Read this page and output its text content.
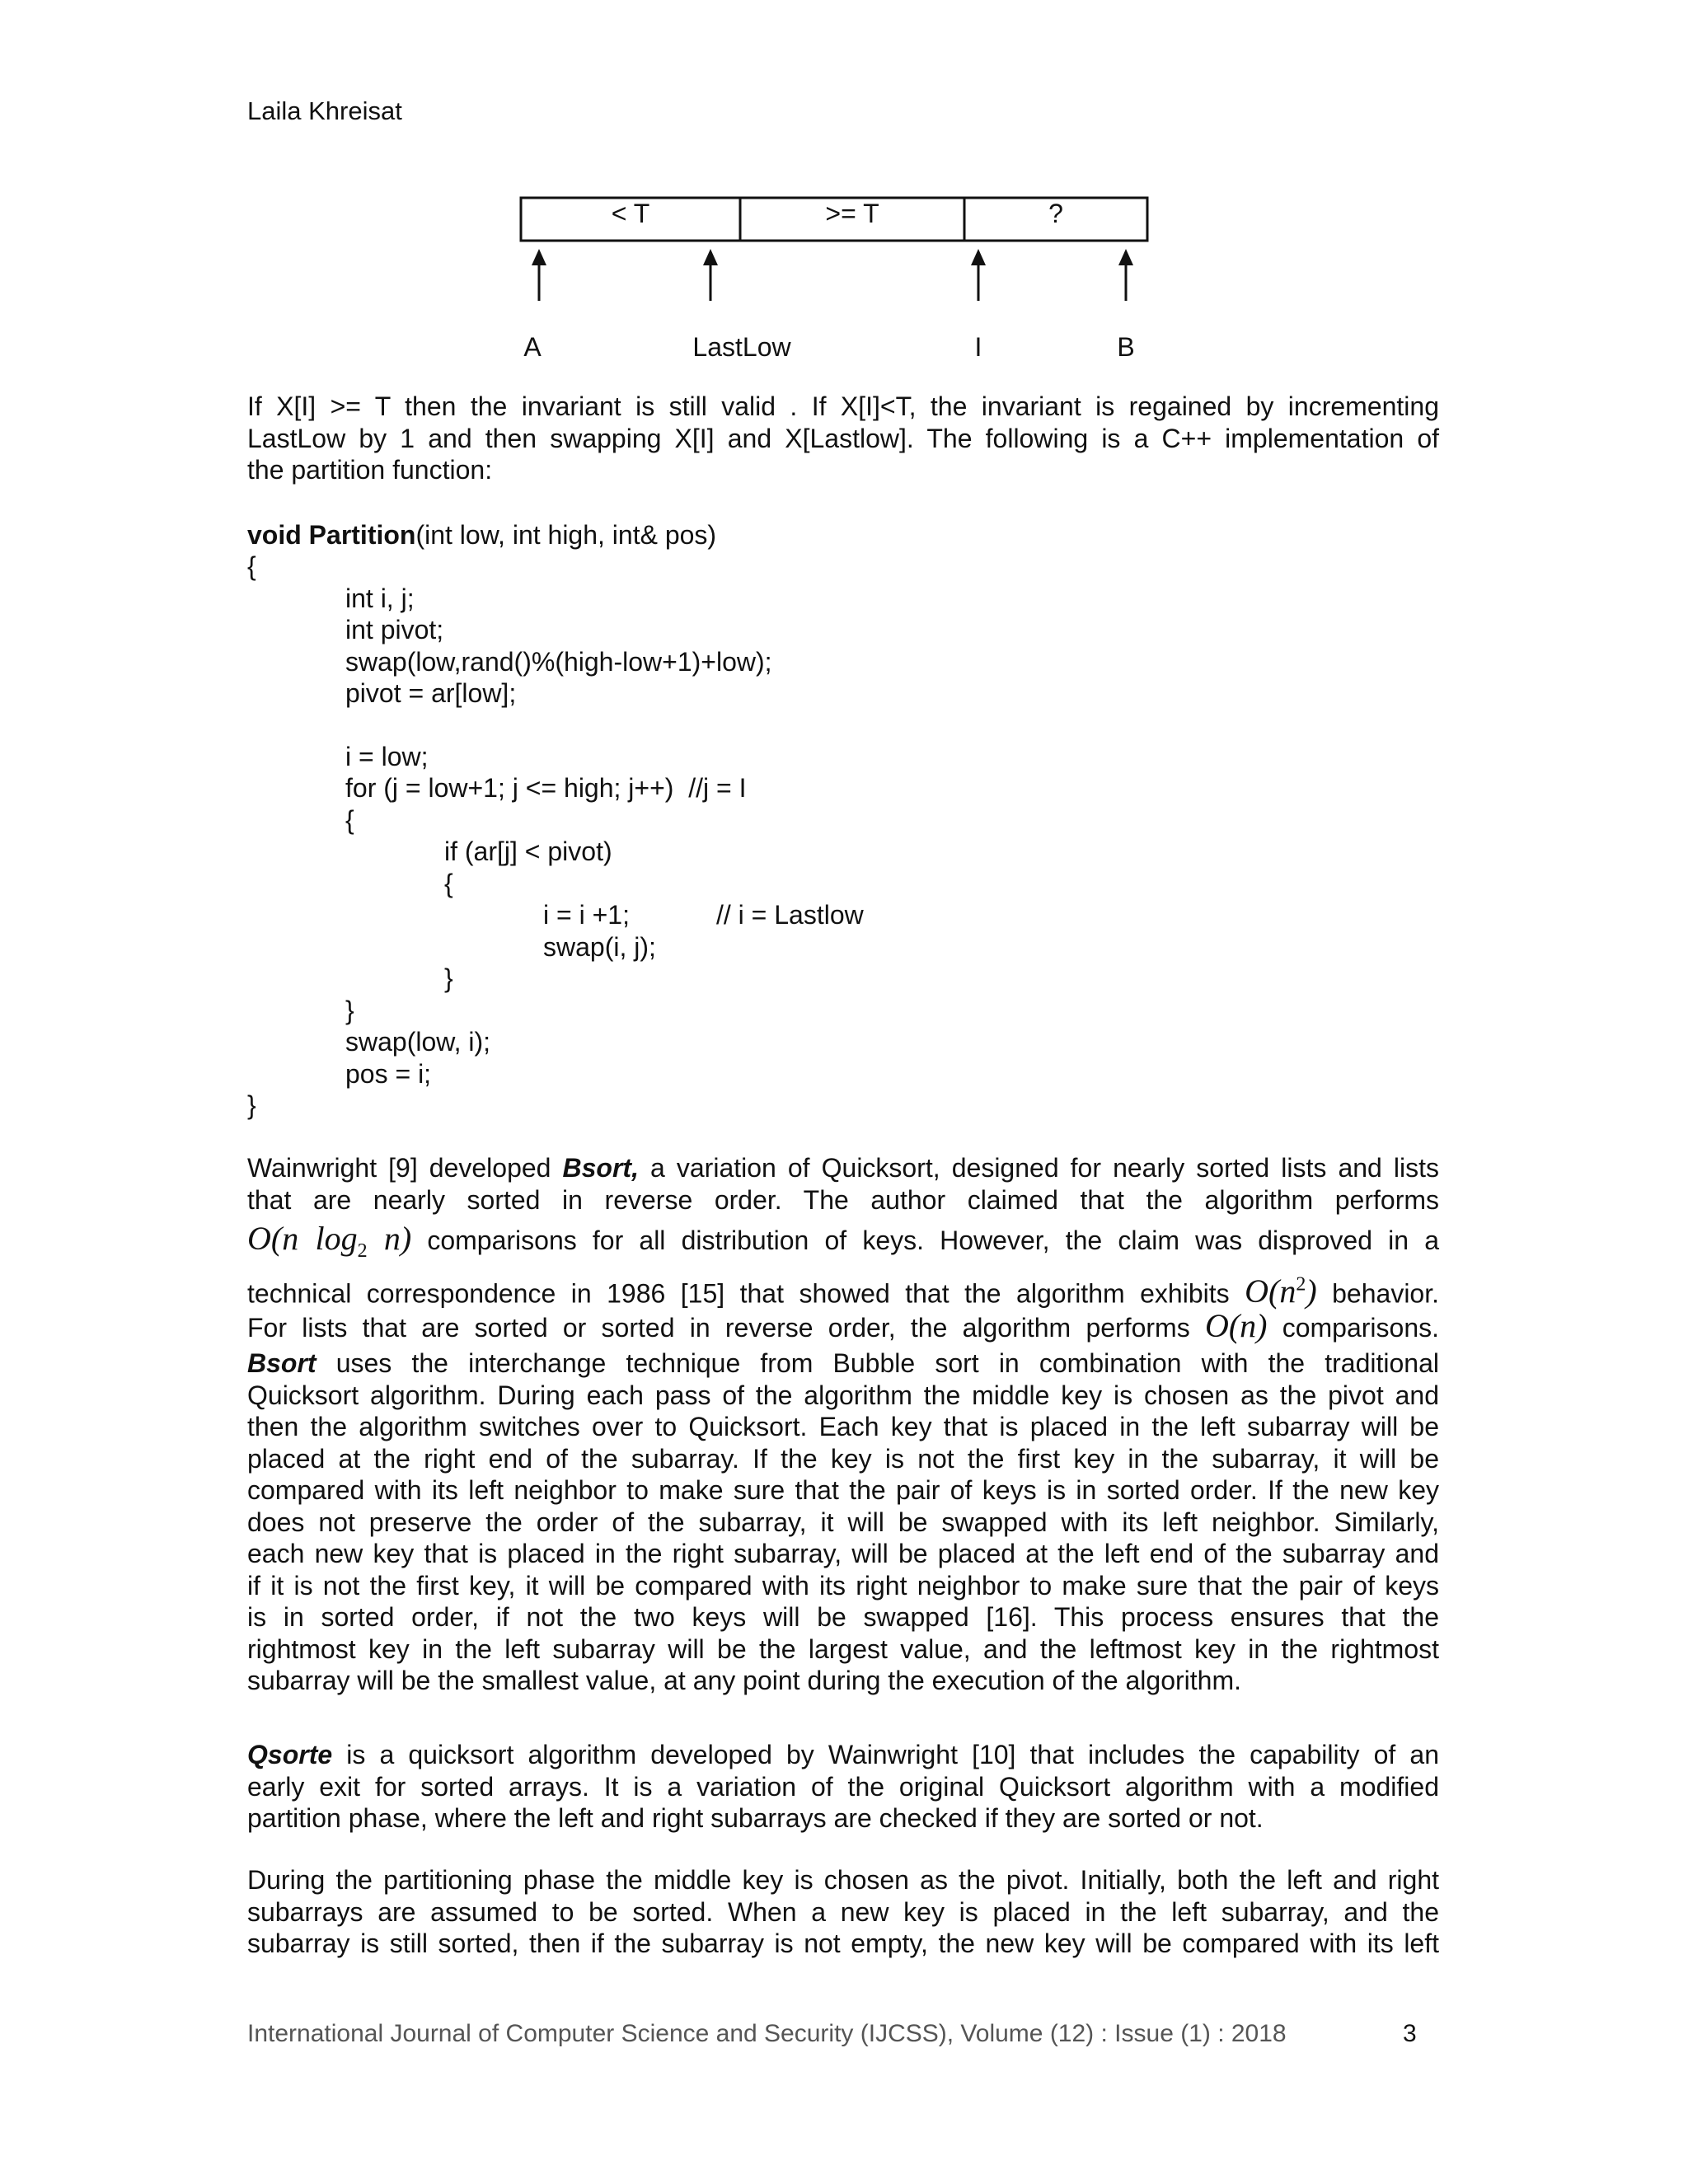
Laila Khreisat
< T	>= T	?
A	LastLow	I	B
If X[I] >= T then the invariant is still valid . If X[I]<T, the invariant is regained by incrementing
LastLow by 1 and then swapping X[I] and X[Lastlow]. The following is a C++ implementation of
the partition function:
void Partition(int low, int high, int& pos)
{
int i, j;
int pivot;
swap(low,rand()%(high-low+1)+low);
pivot = ar[low];
i = low;
for (j = low+1; j <= high; j++)  //j = I
{
if (ar[j] < pivot)
{
i = i +1;	// i = Lastlow
swap(i, j);
}
}
swap(low, i);
pos = i;
}
Wainwright [9] developed Bsort, a variation of Quicksort, designed for nearly sorted lists and lists
that are nearly sorted in reverse order. The author claimed that the algorithm performs
O(n $\log_2 n$) comparisons for all distribution of keys. However, the claim was disproved in a
technical correspondence in 1986 [15] that showed that the algorithm exhibits $O(n^2)$ behavior.
For lists that are sorted or sorted in reverse order, the algorithm performs O(n) comparisons.
Bsort uses the interchange technique from Bubble sort in combination with the traditional
Quicksort algorithm. During each pass of the algorithm the middle key is chosen as the pivot and
then the algorithm switches over to Quicksort. Each key that is placed in the left subarray will be
placed at the right end of the subarray. If the key is not the first key in the subarray, it will be
compared with its left neighbor to make sure that the pair of keys is in sorted order. If the new key
does not preserve the order of the subarray, it will be swapped with its left neighbor. Similarly,
each new key that is placed in the right subarray, will be placed at the left end of the subarray and
if it is not the first key, it will be compared with its right neighbor to make sure that the pair of keys
is in sorted order, if not the two keys will be swapped [16]. This process ensures that the
rightmost key in the left subarray will be the largest value, and the leftmost key in the rightmost
subarray will be the smallest value, at any point during the execution of the algorithm.
Qsorte is a quicksort algorithm developed by Wainwright [10] that includes the capability of an
early exit for sorted arrays. It is a variation of the original Quicksort algorithm with a modified
partition phase, where the left and right subarrays are checked if they are sorted or not.
During the partitioning phase the middle key is chosen as the pivot. Initially, both the left and right
subarrays are assumed to be sorted. When a new key is placed in the left subarray, and the
subarray is still sorted, then if the subarray is not empty, the new key will be compared with its left
International Journal of Computer Science and Security (IJCSS), Volume (12) : Issue (1) : 2018	3
